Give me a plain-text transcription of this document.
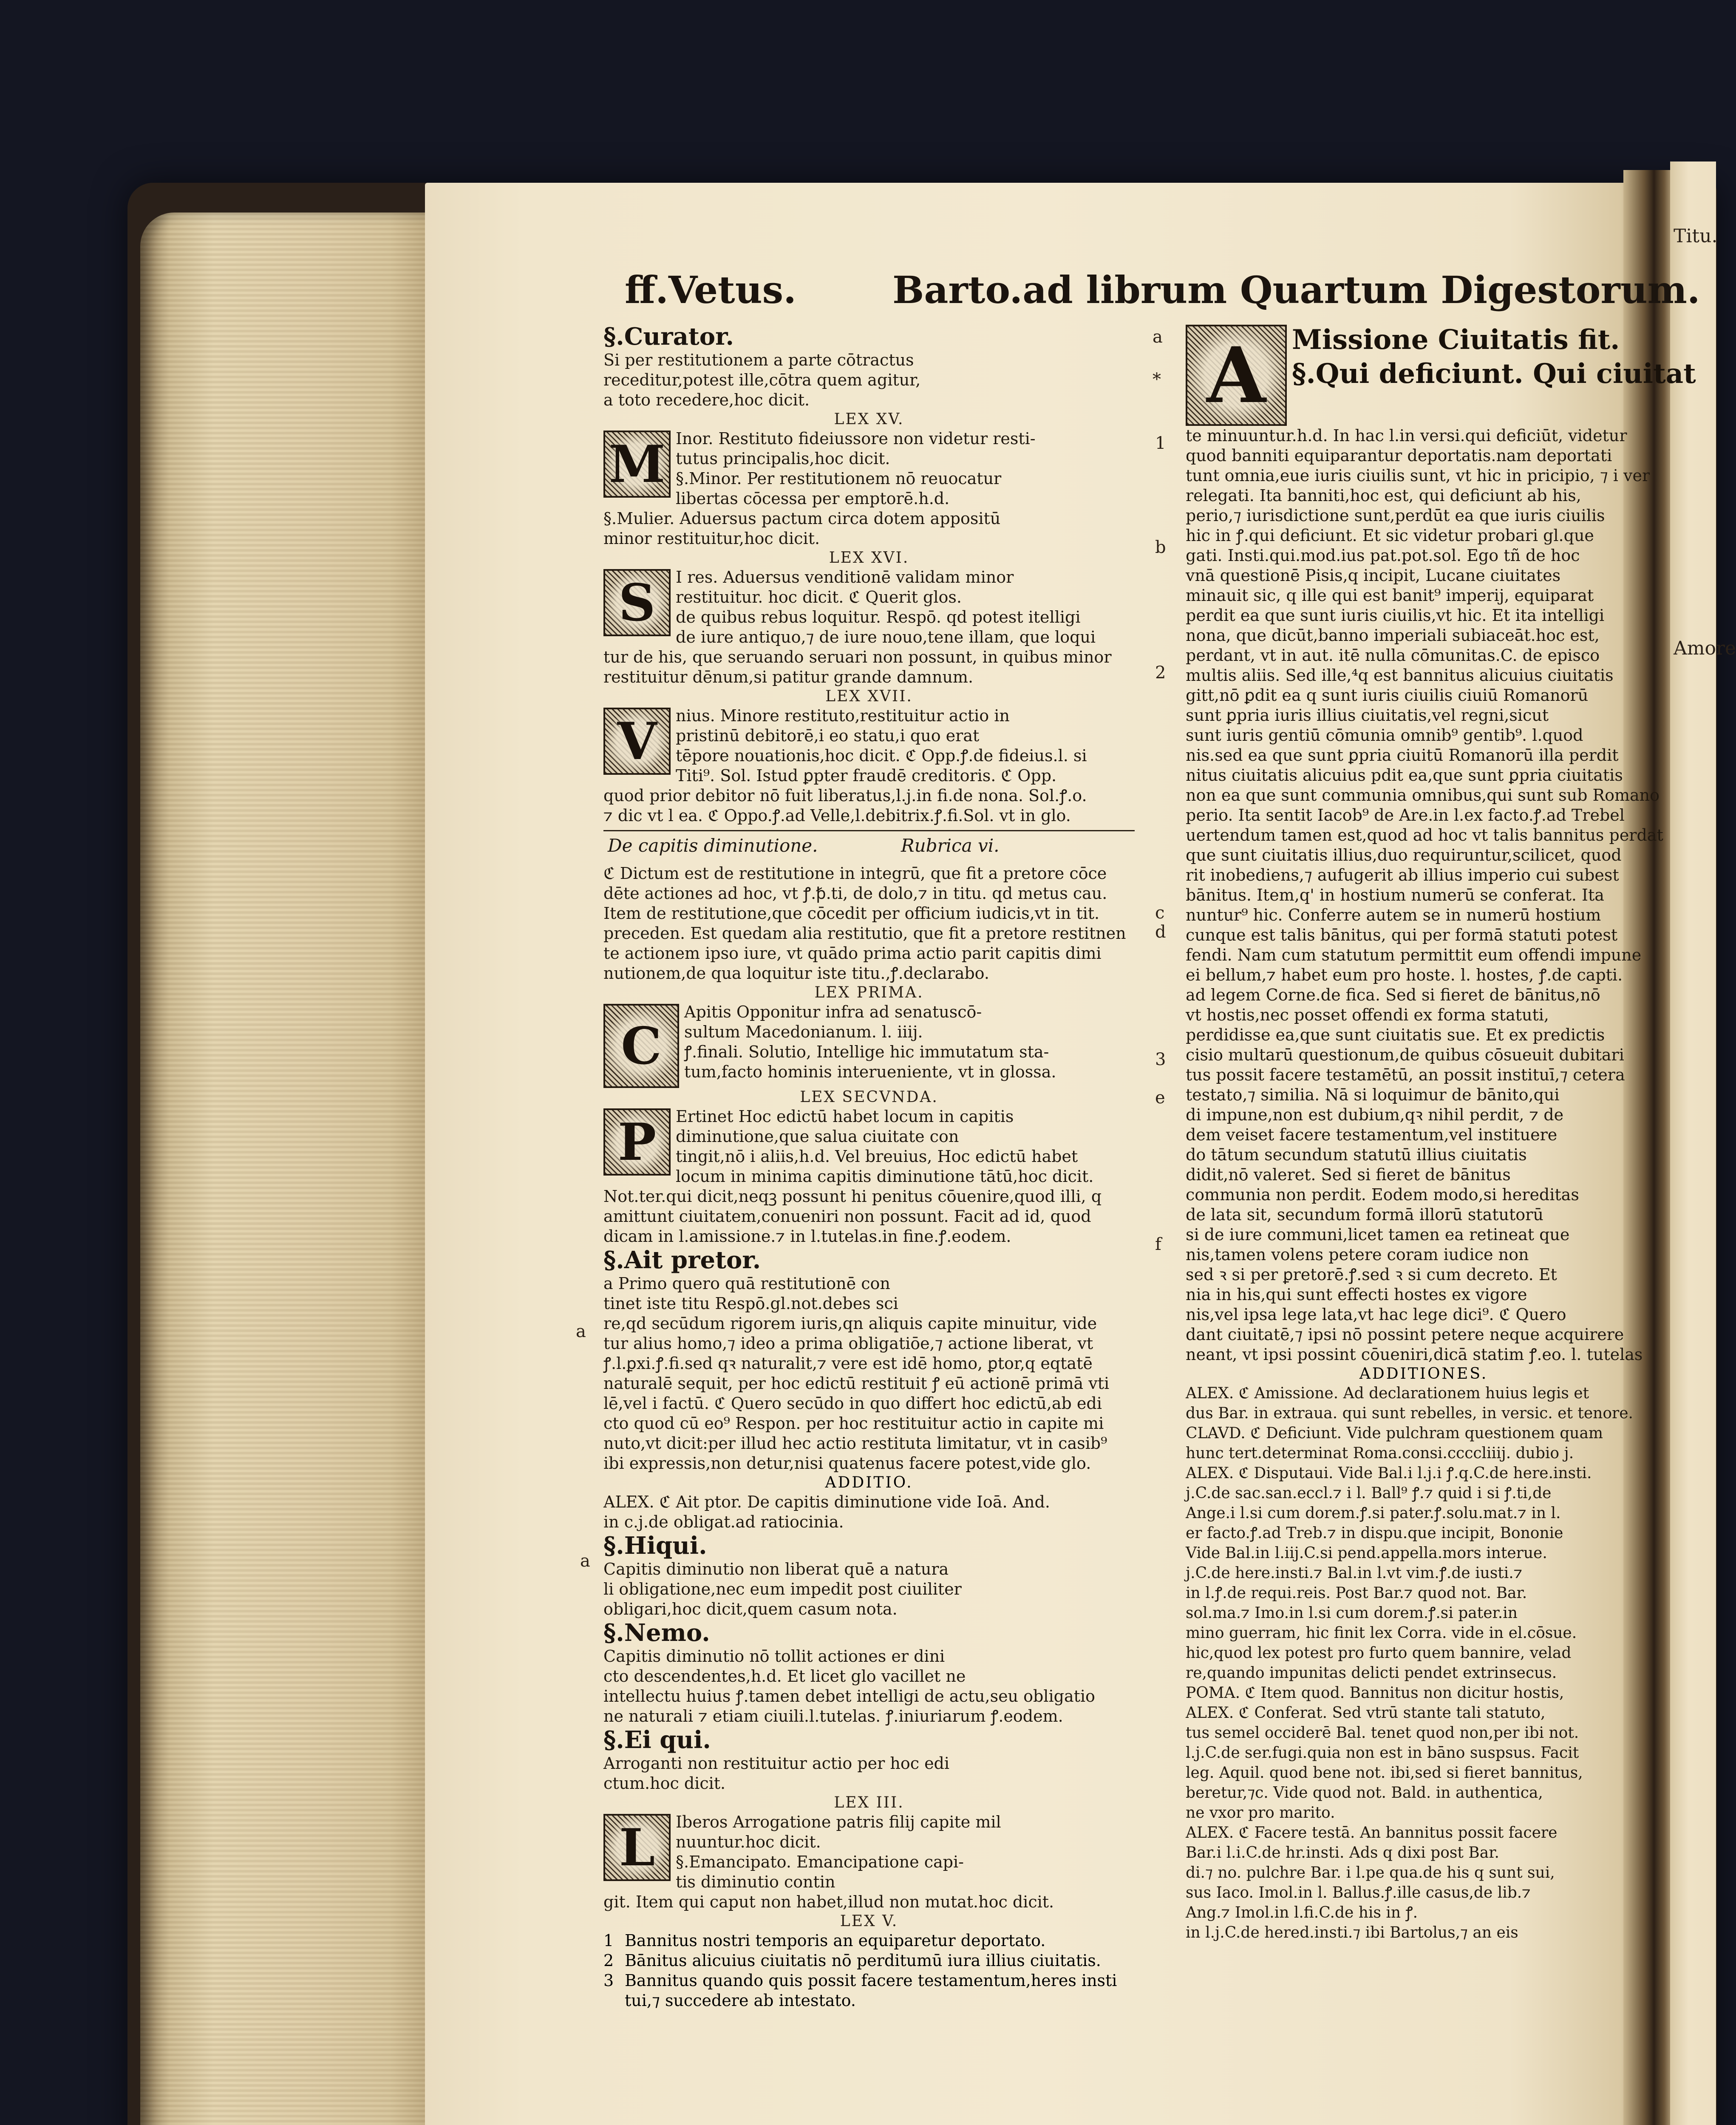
Titu.
Amore
ff.Vetus.	Barto.ad librum Quartum Digestorum.
§.Curator.
Si per restitutionem a parte cōtractus
receditur,potest ille,cōtra quem agitur,
a toto recedere,hoc dicit.
LEX XV.
M Inor. Restituto fideiussore non videtur resti-
tutus principalis,hoc dicit.
§.Minor. Per restitutionem nō reuocatur
libertas cōcessa per emptorē.h.d.
§.Mulier. Aduersus pactum circa dotem appositū
minor restituitur,hoc dicit.
LEX XVI.
S	I res. Aduersus venditionē validam minor
restituitur. hoc dicit. ℭ Querit glos.
de quibus rebus loquitur. Respō. qd potest itelligi
de iure antiquo,⁊ de iure nouo,tene illam, que loqui
tur de his, que seruando seruari non possunt, in quibus minor
restituitur dēnum,si patitur grande damnum.
LEX XVII.
V	nius. Minore restituto,restituitur actio in
pristinū debitorē,i eo statu,i quo erat
tēpore nouationis,hoc dicit. ℭ Opp.ꝭ.de fideius.l. si
Titi⁹. Sol. Istud ꝑpter fraudē creditoris. ℭ Opp.
quod prior debitor nō fuit liberatus,l.j.in fi.de nona. Sol.ꝭ.o.
⁊ dic vt l ea. ℭ Oppo.ꝭ.ad Velle,l.debitrix.ꝭ.fi.Sol. vt in glo.
De capitis diminutione.	Rubrica vi.
ℭ Dictum est de restitutione in integrū, que fit a pretore cōce
dēte actiones ad hoc, vt ꝭ.ꝥ.ti, de dolo,⁊ in titu. qd metus cau.
Item de restitutione,que cōcedit per officium iudicis,vt in tit.
preceden. Est quedam alia restitutio, que fit a pretore restitnen
te actionem ipso iure, vt quādo prima actio parit capitis dimi
nutionem,de qua loquitur iste titu.,ꝭ.declarabo.
LEX PRIMA.
C
Apitis Opponitur infra ad senatuscō-
sultum Macedonianum. l. iiij.
ꝭ.finali. Solutio, Intellige hic immutatum sta-
tum,facto hominis interueniente, vt in glossa.
LEX SECVNDA.
P	Ertinet Hoc edictū habet locum in capitis
diminutione,que salua ciuitate con
tingit,nō i aliis,h.d. Vel breuius, Hoc edictū habet
locum in minima capitis diminutione tātū,hoc dicit.
Not.ter.qui dicit,neqꝫ possunt hi penitus cōuenire,quod illi, q
amittunt ciuitatem,conueniri non possunt. Facit ad id, quod
dicam in l.amissione.⁊ in l.tutelas.in fine.ꝭ.eodem.
§.Ait pretor.
a Primo quero quā restitutionē con
tinet iste titu Respō.gl.not.debes sci
re,qd secūdum rigorem iuris,qn aliquis capite minuitur, vide
tur alius homo,⁊ ideo a prima obligatiōe,⁊ actione liberat, vt
ꝭ.l.ꝑxi.ꝭ.fi.sed qꝛ naturalit,⁊ vere est idē homo, ꝑtor,q eqtatē
naturalē sequit, per hoc edictū restituit ꝭ eū actionē primā vti
lē,vel i factū. ℭ Quero secūdo in quo differt hoc edictū,ab edi
cto quod cū eo⁹ Respon. per hoc restituitur actio in capite mi
nuto,vt dicit:per illud hec actio restituta limitatur, vt in casib⁹
ibi expressis,non detur,nisi quatenus facere potest,vide glo.
ADDITIO.
ALEX. ℭ Ait ptor. De capitis diminutione vide Ioā. And.
in c.j.de obligat.ad ratiocinia.
§.Hiqui.
Capitis diminutio non liberat quē a natura
li obligatione,nec eum impedit post ciuiliter
obligari,hoc dicit,quem casum nota.
§.Nemo.
Capitis diminutio nō tollit actiones er dini
cto descendentes,h.d. Et licet glo vacillet ne
intellectu huius ꝭ.tamen debet intelligi de actu,seu obligatio
ne naturali ⁊ etiam ciuili.l.tutelas. ꝭ.iniuriarum ꝭ.eodem.
§.Ei qui.
Arroganti non restituitur actio per hoc edi
ctum.hoc dicit.
LEX III.
L	Iberos Arrogatione patris filij capite mil
nuuntur.hoc dicit.
§.Emancipato. Emancipatione capi-
tis diminutio contin
git. Item qui caput non habet,illud non mutat.hoc dicit.
LEX V.
1 Bannitus nostri temporis an equiparetur deportato.
2 Bānitus alicuius ciuitatis nō perditumū iura illius ciuitatis.
3 Bannitus quando quis possit facere testamentum,heres insti
tui,⁊ succedere ab intestato.
a
a
A Missione Ciuitatis fit.
§.Qui deficiunt. Qui ciuitat
te minuuntur.h.d. In hac l.in versi.qui deficiūt, videtur
quod banniti equiparantur deportatis.nam deportati
tunt omnia,eue iuris ciuilis sunt, vt hic in pricipio, ⁊ i ver
relegati. Ita banniti,hoc est, qui deficiunt ab his,
perio,⁊ iurisdictione sunt,perdūt ea que iuris ciuilis
hic in ꝭ.qui deficiunt. Et sic videtur probari gl.que
gati. Insti.qui.mod.ius pat.pot.sol. Ego tñ de hoc
vnā questionē Pisis,q incipit, Lucane ciuitates
minauit sic, q ille qui est banit⁹ imperij, equiparat
perdit ea que sunt iuris ciuilis,vt hic. Et ita intelligi
nona, que dicūt,banno imperiali subiaceāt.hoc est,
perdant, vt in aut. itē nulla cōmunitas.C. de episco
multis aliis. Sed ille,⁴q est bannitus alicuius ciuitatis
gitt,nō ꝑdit ea q sunt iuris ciuilis ciuiū Romanorū
sunt ꝑpria iuris illius ciuitatis,vel regni,sicut
sunt iuris gentiū cōmunia omnib⁹ gentib⁹. l.quod
nis.sed ea que sunt ꝑpria ciuitū Romanorū illa perdit
nitus ciuitatis alicuius pdit ea,que sunt ꝑpria ciuitatis
non ea que sunt communia omnibus,qui sunt sub Romano
perio. Ita sentit Iacob⁹ de Are.in l.ex facto.ꝭ.ad Trebel
uertendum tamen est,quod ad hoc vt talis bannitus perdat
que sunt ciuitatis illius,duo requiruntur,scilicet, quod
rit inobediens,⁊ aufugerit ab illius imperio cui subest
bānitus. Item,q' in hostium numerū se conferat. Ita
nuntur⁹ hic. Conferre autem se in numerū hostium
cunque est talis bānitus, qui per formā statuti potest
fendi. Nam cum statutum permittit eum offendi impune
ei bellum,⁊ habet eum pro hoste. l. hostes, ꝭ.de capti.
ad legem Corne.de fica. Sed si fieret de bānitus,nō
vt hostis,nec posset offendi ex forma statuti,
perdidisse ea,que sunt ciuitatis sue. Et ex predictis
cisio multarū questionum,de quibus cōsueuit dubitari
tus possit facere testamētū, an possit instituī,⁊ cetera
testato,⁊ similia. Nā si loquimur de bānito,qui
di impune,non est dubium,qꝛ nihil perdit, ⁊ de
dem veiset facere testamentum,vel instituere
do tātum secundum statutū illius ciuitatis
didit,nō valeret. Sed si fieret de bānitus
communia non perdit. Eodem modo,si hereditas
de lata sit, secundum formā illorū statutorū
si de iure communi,licet tamen ea retineat que
nis,tamen volens petere coram iudice non
sed ꝛ si per ꝑretorē.ꝭ.sed ꝛ si cum decreto. Et
nia in his,qui sunt effecti hostes ex vigore
nis,vel ipsa lege lata,vt hac lege dici⁹. ℭ Quero
dant ciuitatē,⁊ ipsi nō possint petere neque acquirere
neant, vt ipsi possint cōueniri,dicā statim ꝭ.eo. l. tutelas
ADDITIONES.
ALEX. ℭ Amissione. Ad declarationem huius legis et
dus Bar. in extraua. qui sunt rebelles, in versic. et tenore.
CLAVD. ℭ Deficiunt. Vide pulchram questionem quam
hunc tert.determinat Roma.consi.ccccliiij. dubio j.
ALEX. ℭ Disputaui. Vide Bal.i l.j.i ꝭ.q.C.de here.insti.
j.C.de sac.san.eccl.⁊ i l. Ball⁹ ꝭ.⁊ quid i si ꝭ.ti,de
Ange.i l.si cum dorem.ꝭ.si pater.ꝭ.solu.mat.⁊ in l.
er facto.ꝭ.ad Treb.⁊ in dispu.que incipit, Bononie
Vide Bal.in l.iij.C.si pend.appella.mors interue.
j.C.de here.insti.⁊ Bal.in l.vt vim.ꝭ.de iusti.⁊
in l.ꝭ.de requi.reis. Post Bar.⁊ quod not. Bar.
sol.ma.⁊ Imo.in l.si cum dorem.ꝭ.si pater.in
mino guerram, hic finit lex Corra. vide in el.cōsue.
hic,quod lex potest pro furto quem bannire, velad
re,quando impunitas delicti pendet extrinsecus.
POMA. ℭ Item quod. Bannitus non dicitur hostis,
ALEX. ℭ Conferat. Sed vtrū stante tali statuto,
tus semel occiderē Bal. tenet quod non,per ibi not.
l.j.C.de ser.fugi.quia non est in bāno suspsus. Facit
leg. Aquil. quod bene not. ibi,sed si fieret bannitus,
beretur,⁊c. Vide quod not. Bald. in authentica,
ne vxor pro marito.
ALEX. ℭ Facere testā. An bannitus possit facere
Bar.i l.i.C.de hr.insti. Ads q dixi post Bar.
di.⁊ no. pulchre Bar. i l.pe qua.de his q sunt sui,
sus Iaco. Imol.in l. Ballus.ꝭ.ille casus,de lib.⁊
Ang.⁊ Imol.in l.fi.C.de his in ꝭ.
in l.j.C.de hered.insti.⁊ ibi Bartolus,⁊ an eis
a
*
1
b
2
c
d
3
e
f
